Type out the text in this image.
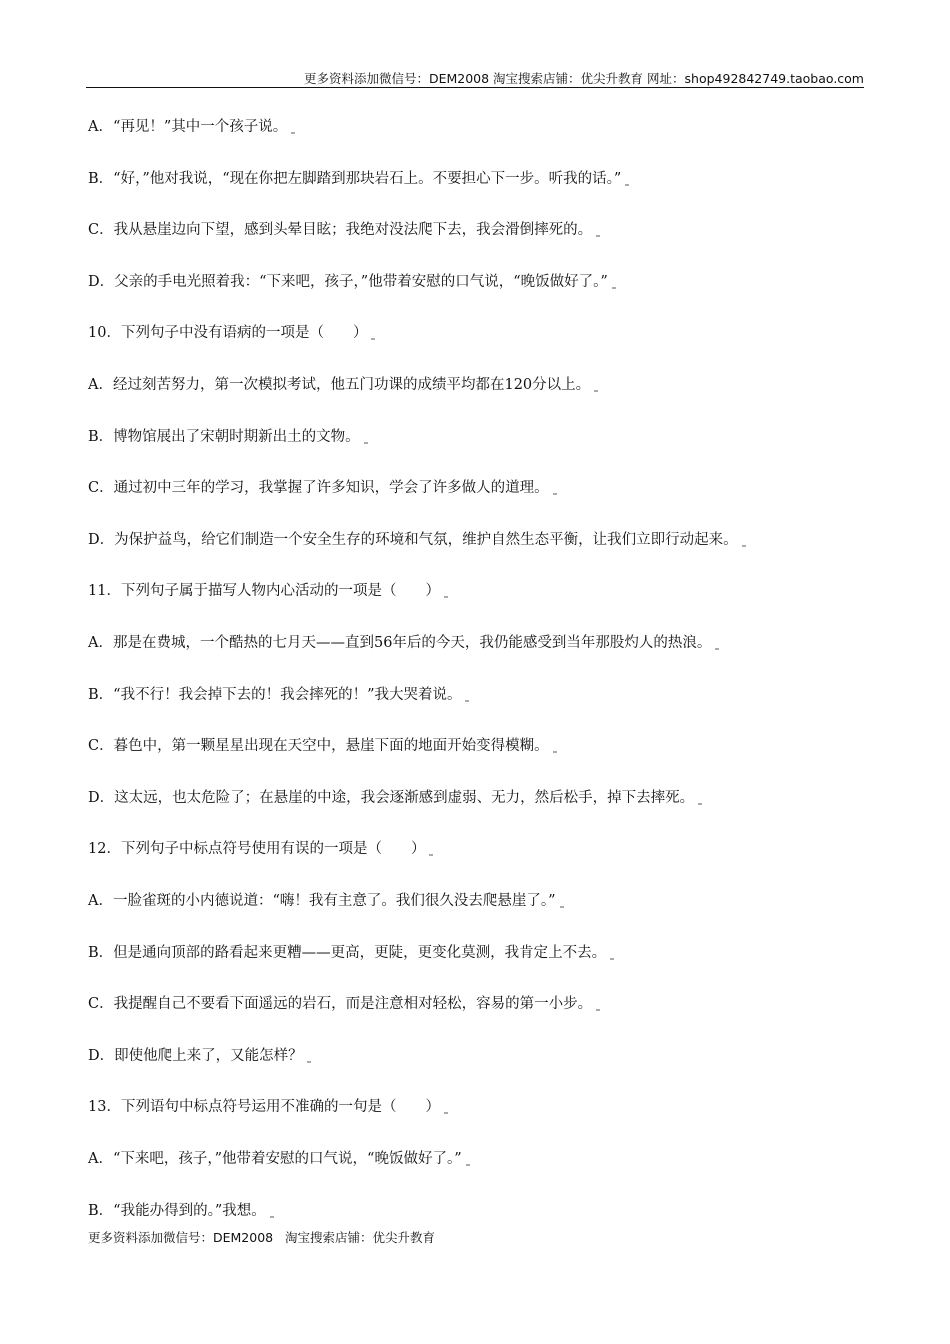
更多资料添加微信号：DEM2008 淘宝搜索店铺：优尖升教育 网址：shop492842749.taobao.com
A．“再见！”其中一个孩子说。
B．“好，”他对我说，“现在你把左脚踏到那块岩石上。不要担心下一步。听我的话。”
C．我从悬崖边向下望，感到头晕目眩；我绝对没法爬下去，我会滑倒摔死的。
D．父亲的手电光照着我：“下来吧，孩子，”他带着安慰的口气说，“晚饭做好了。”
10．下列句子中没有语病的一项是（　　）
A．经过刻苦努力，第一次模拟考试，他五门功课的成绩平均都在120分以上。
B．博物馆展出了宋朝时期新出土的文物。
C．通过初中三年的学习，我掌握了许多知识，学会了许多做人的道理。
D．为保护益鸟，给它们制造一个安全生存的环境和气氛，维护自然生态平衡，让我们立即行动起来。
11．下列句子属于描写人物内心活动的一项是（　　）
A．那是在费城，一个酷热的七月天——直到56年后的今天，我仍能感受到当年那股灼人的热浪。
B．“我不行！我会掉下去的！我会摔死的！”我大哭着说。
C．暮色中，第一颗星星出现在天空中，悬崖下面的地面开始变得模糊。
D．这太远，也太危险了；在悬崖的中途，我会逐渐感到虚弱、无力，然后松手，掉下去摔死。
12．下列句子中标点符号使用有误的一项是（　　）
A．一脸雀斑的小内德说道：“嗨！我有主意了。我们很久没去爬悬崖了。”
B．但是通向顶部的路看起来更糟——更高，更陡，更变化莫测，我肯定上不去。
C．我提醒自己不要看下面遥远的岩石，而是注意相对轻松，容易的第一小步。
D．即使他爬上来了，又能怎样？
13．下列语句中标点符号运用不准确的一句是（　　）
A．“下来吧，孩子，”他带着安慰的口气说，“晚饭做好了。”
B．“我能办得到的。”我想。
更多资料添加微信号：DEM2008   淘宝搜索店铺：优尖升教育
